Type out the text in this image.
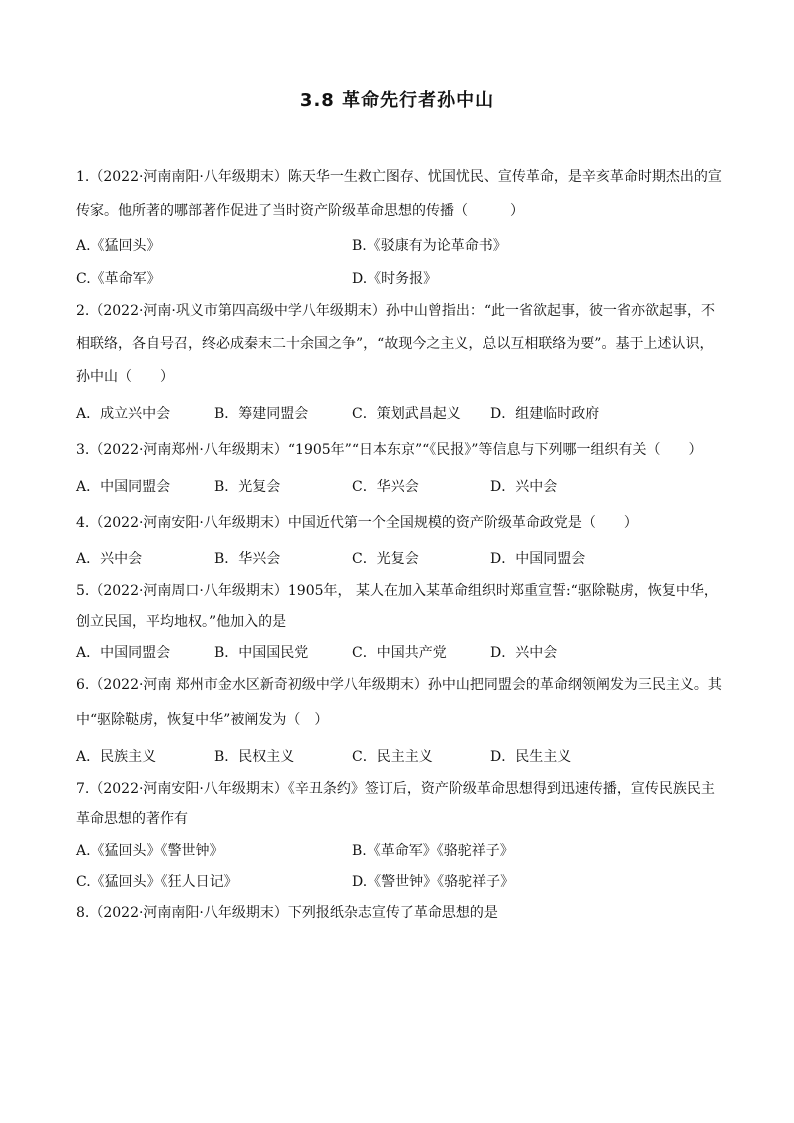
3.8 革命先行者孙中山
1.（2022·河南南阳·八年级期末）陈天华一生救亡图存、忧国忧民、宣传革命，是辛亥革命时期杰出的宣
传家。他所著的哪部著作促进了当时资产阶级革命思想的传播（　　　）
A.《猛回头》	B.《驳康有为论革命书》
C.《革命军》	D.《时务报》
2.（2022·河南·巩义市第四高级中学八年级期末）孙中山曾指出：“此一省欲起事，彼一省亦欲起事，不
相联络，各自号召，终必成秦末二十余国之争”，“故现今之主义，总以互相联络为要”。基于上述认识，
孙中山（　　）
A．成立兴中会	B．筹建同盟会	C．策划武昌起义 D．组建临时政府
3.（2022·河南郑州·八年级期末）“1905年”“日本东京”“《民报》”等信息与下列哪一组织有关（　　）
A．中国同盟会	B．光复会	C．华兴会	D．兴中会
4.（2022·河南安阳·八年级期末）中国近代第一个全国规模的资产阶级革命政党是（　　）
A．兴中会	B．华兴会	C．光复会	D．中国同盟会
5.（2022·河南周口·八年级期末）1905年， 某人在加入某革命组织时郑重宣誓:“驱除鞑虏，恢复中华，
创立民国，平均地权。”他加入的是
A．中国同盟会	B．中国国民党	C．中国共产党	D．兴中会
6.（2022·河南 郑州市金水区新奇初级中学八年级期末）孙中山把同盟会的革命纲领阐发为三民主义。其
中“驱除鞑虏，恢复中华”被阐发为（　）
A．民族主义	B．民权主义	C．民主主义	D．民生主义
7.（2022·河南安阳·八年级期末）《辛丑条约》签订后，资产阶级革命思想得到迅速传播，宣传民族民主
革命思想的著作有
A.《猛回头》《警世钟》	B.《革命军》《骆驼祥子》
C.《猛回头》《狂人日记》	D.《警世钟》《骆驼祥子》
8.（2022·河南南阳·八年级期末）下列报纸杂志宣传了革命思想的是
